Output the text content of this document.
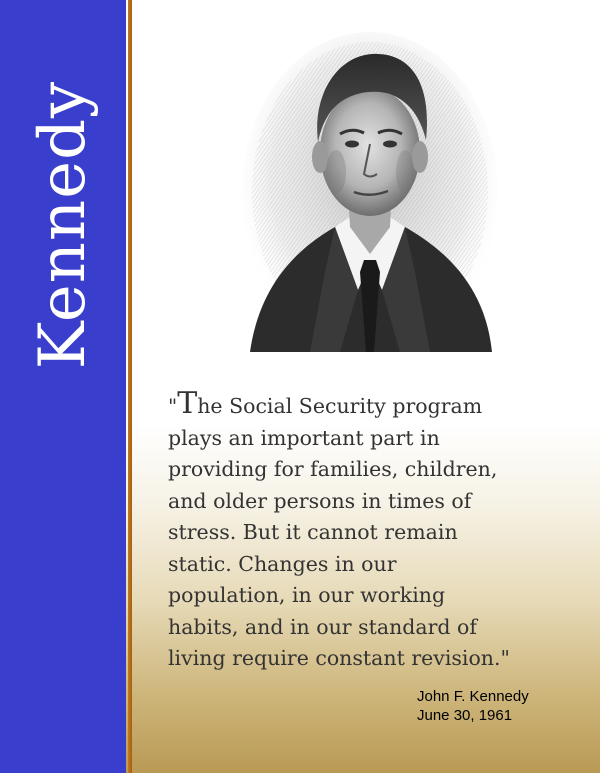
Kennedy

"The Social Security program
plays an important part in
providing for families, children,
and older persons in times of
stress. But it cannot remain
static. Changes in our
population, in our working
habits, and in our standard of
living require constant revision."

John F. Kennedy
June 30, 1961
